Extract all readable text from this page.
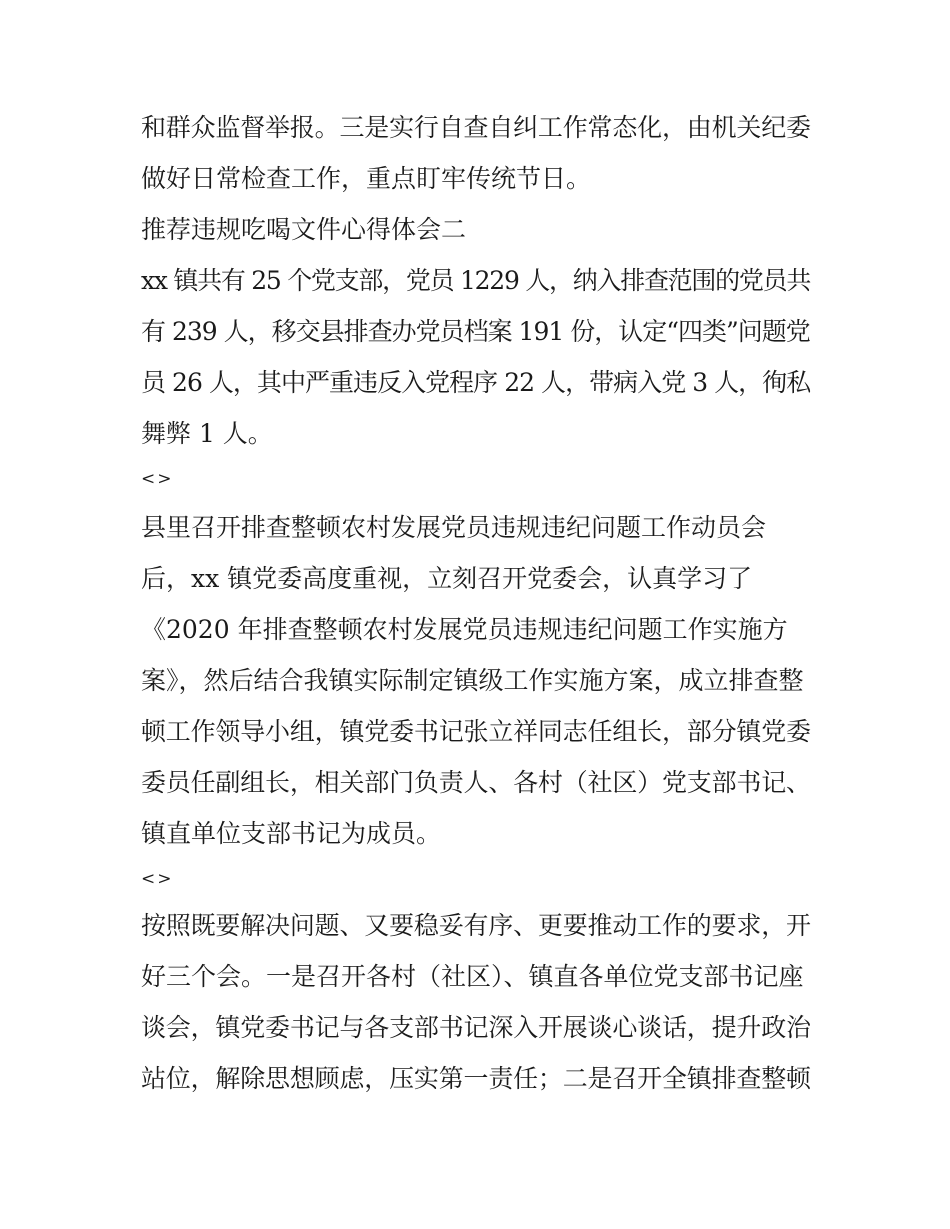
和群众监督举报。三是实行自查自纠工作常态化，由机关纪委

做好日常检查工作，重点盯牢传统节日。

推荐违规吃喝文件心得体会二

xx 镇共有 25 个党支部，党员 1229 人，纳入排查范围的党员共

有 239 人，移交县排查办党员档案 191 份，认定“四类”问题党

员 26 人，其中严重违反入党程序 22 人，带病入党 3 人，徇私

舞弊 1 人。

<>

县里召开排查整顿农村发展党员违规违纪问题工作动员会

后，xx 镇党委高度重视，立刻召开党委会，认真学习了

《2020 年排查整顿农村发展党员违规违纪问题工作实施方

案》，然后结合我镇实际制定镇级工作实施方案，成立排查整

顿工作领导小组，镇党委书记张立祥同志任组长，部分镇党委

委员任副组长，相关部门负责人、各村（社区）党支部书记、

镇直单位支部书记为成员。

<>

按照既要解决问题、又要稳妥有序、更要推动工作的要求，开

好三个会。一是召开各村（社区）、镇直各单位党支部书记座

谈会，镇党委书记与各支部书记深入开展谈心谈话，提升政治

站位，解除思想顾虑，压实第一责任；二是召开全镇排查整顿
